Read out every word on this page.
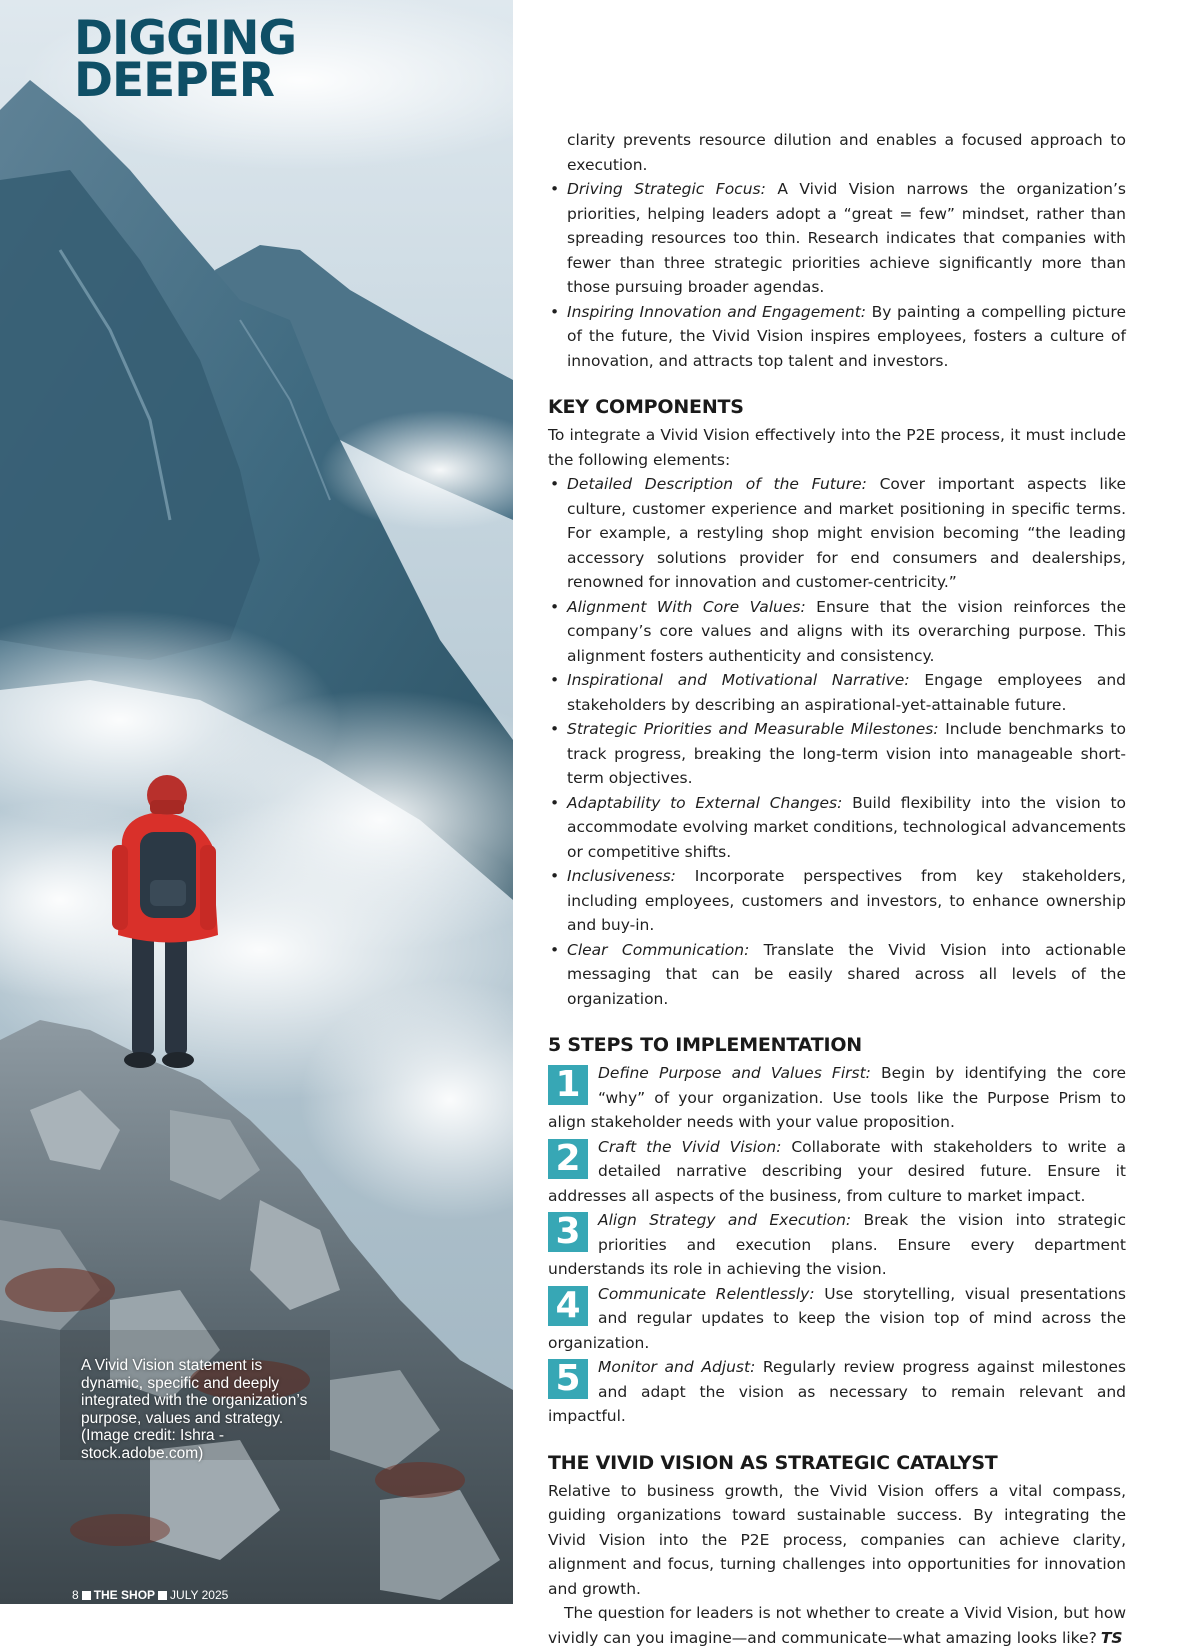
DIGGING
DEEPER

A Vivid Vision statement is dynamic, specific and deeply integrated with the organization’s purpose, values and strategy. (Image credit: Ishra - stock.adobe.com)

8 THE SHOP JULY 2025

clarity prevents resource dilution and enables a focused approach to execution.

• Driving Strategic Focus: A Vivid Vision narrows the organization’s priorities, helping leaders adopt a “great = few” mindset, rather than spreading resources too thin. Research indicates that companies with fewer than three strategic priorities achieve significantly more than those pursuing broader agendas.
• Inspiring Innovation and Engagement: By painting a compelling picture of the future, the Vivid Vision inspires employees, fosters a culture of innovation, and attracts top talent and investors.
KEY COMPONENTS

To integrate a Vivid Vision effectively into the P2E process, it must include the following elements:

• Detailed Description of the Future: Cover important aspects like culture, customer experience and market positioning in specific terms. For example, a restyling shop might envision becoming “the leading accessory solutions provider for end consumers and dealerships, renowned for innovation and customer-centricity.”
• Alignment With Core Values: Ensure that the vision reinforces the company’s core values and aligns with its overarching purpose. This alignment fosters authenticity and consistency.
• Inspirational and Motivational Narrative: Engage employees and stakeholders by describing an aspirational-yet-attainable future.
• Strategic Priorities and Measurable Milestones: Include benchmarks to track progress, breaking the long-term vision into manageable short-term objectives.
• Adaptability to External Changes: Build flexibility into the vision to accommodate evolving market conditions, technological advancements or competitive shifts.
• Inclusiveness: Incorporate perspectives from key stakeholders, including employees, customers and investors, to enhance ownership and buy-in.
• Clear Communication: Translate the Vivid Vision into actionable messaging that can be easily shared across all levels of the organization.
5 STEPS TO IMPLEMENTATION

1	Define Purpose and Values First: Begin by identifying the core “why” of your organization. Use tools like the Purpose Prism to align stakeholder needs with your value proposition.

2	Craft the Vivid Vision: Collaborate with stakeholders to write a detailed narrative describing your desired future. Ensure it addresses all aspects of the business, from culture to market impact.

3	Align Strategy and Execution: Break the vision into strategic priorities and execution plans. Ensure every department understands its role in achieving the vision.

4	Communicate Relentlessly: Use storytelling, visual presentations and regular updates to keep the vision top of mind across the organization.

5	Monitor and Adjust: Regularly review progress against milestones and adapt the vision as necessary to remain relevant and impactful.

THE VIVID VISION AS STRATEGIC CATALYST

Relative to business growth, the Vivid Vision offers a vital compass, guiding organizations toward sustainable success. By integrating the Vivid Vision into the P2E process, companies can achieve clarity, alignment and focus, turning challenges into opportunities for innovation and growth.

The question for leaders is not whether to create a Vivid Vision, but how vividly can you imagine—and communicate—what amazing looks like? TS
